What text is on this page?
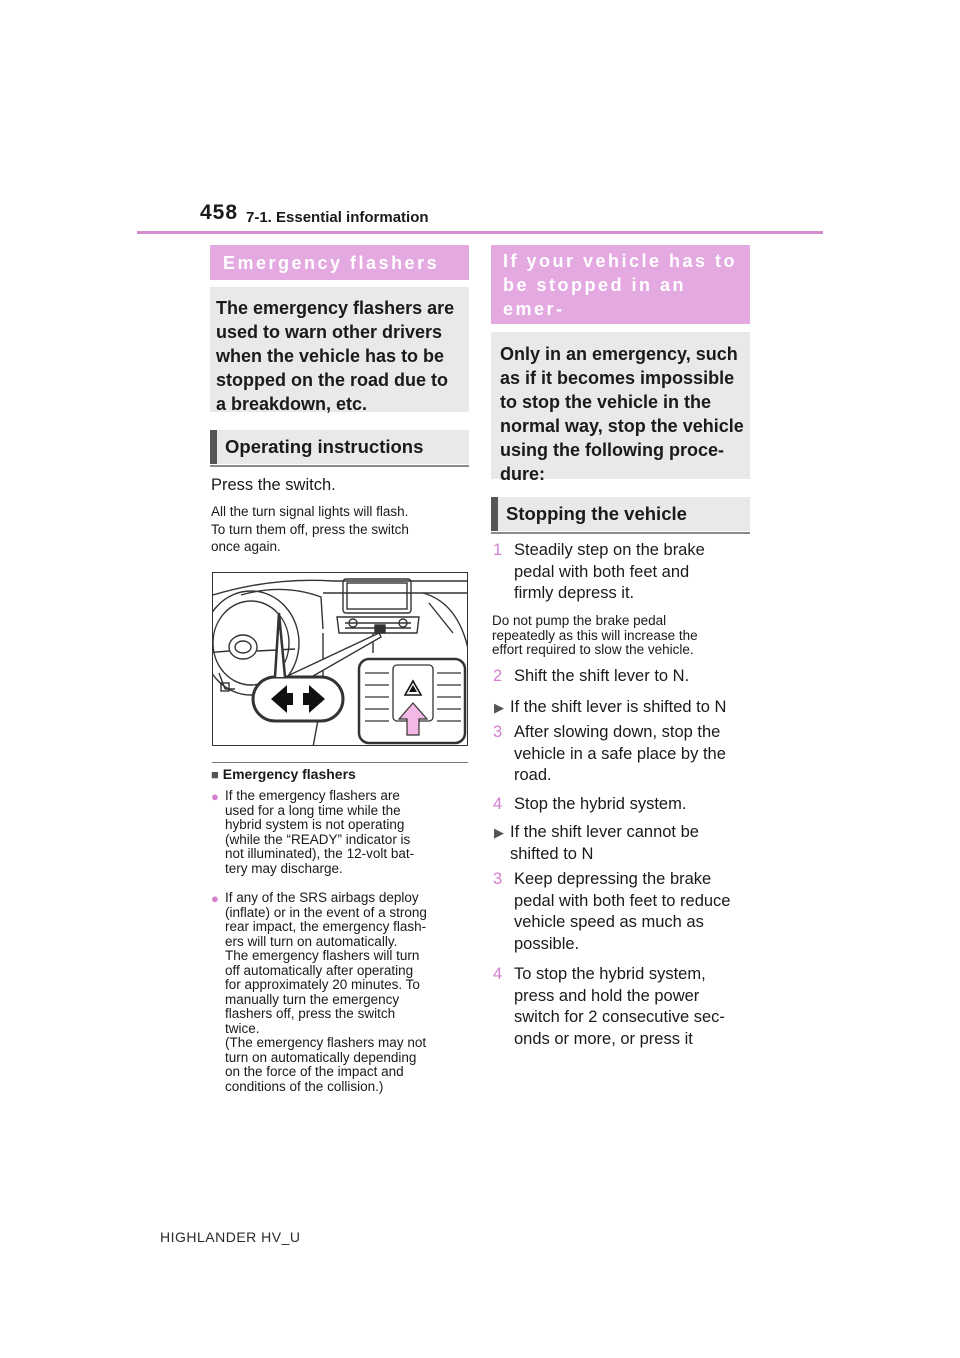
458 7-1. Essential information
Emergency flashers
The emergency flashers are
used to warn other drivers
when the vehicle has to be
stopped on the road due to
a breakdown, etc.
Operating instructions
Press the switch.
All the turn signal lights will flash.
To turn them off, press the switch
once again.
■ Emergency flashers
● If the emergency flashers are
used for a long time while the
hybrid system is not operating
(while the “READY” indicator is
not illuminated), the 12-volt bat-
tery may discharge.
● If any of the SRS airbags deploy
(inflate) or in the event of a strong
rear impact, the emergency flash-
ers will turn on automatically.
The emergency flashers will turn
off automatically after operating
for approximately 20 minutes. To
manually turn the emergency
flashers off, press the switch
twice.
(The emergency flashers may not
turn on automatically depending
on the force of the impact and
conditions of the collision.)
If your vehicle has to
be stopped in an emer-
Only in an emergency, such
as if it becomes impossible
to stop the vehicle in the
normal way, stop the vehicle
using the following proce-
dure:
Stopping the vehicle
1 Steadily step on the brake
pedal with both feet and
firmly depress it.
Do not pump the brake pedal
repeatedly as this will increase the
effort required to slow the vehicle.
2 Shift the shift lever to N.
▶ If the shift lever is shifted to N
3 After slowing down, stop the
vehicle in a safe place by the
road.
4 Stop the hybrid system.
▶ If the shift lever cannot be
shifted to N
3 Keep depressing the brake
pedal with both feet to reduce
vehicle speed as much as
possible.
4 To stop the hybrid system,
press and hold the power
switch for 2 consecutive sec-
onds or more, or press it
HIGHLANDER HV_U
